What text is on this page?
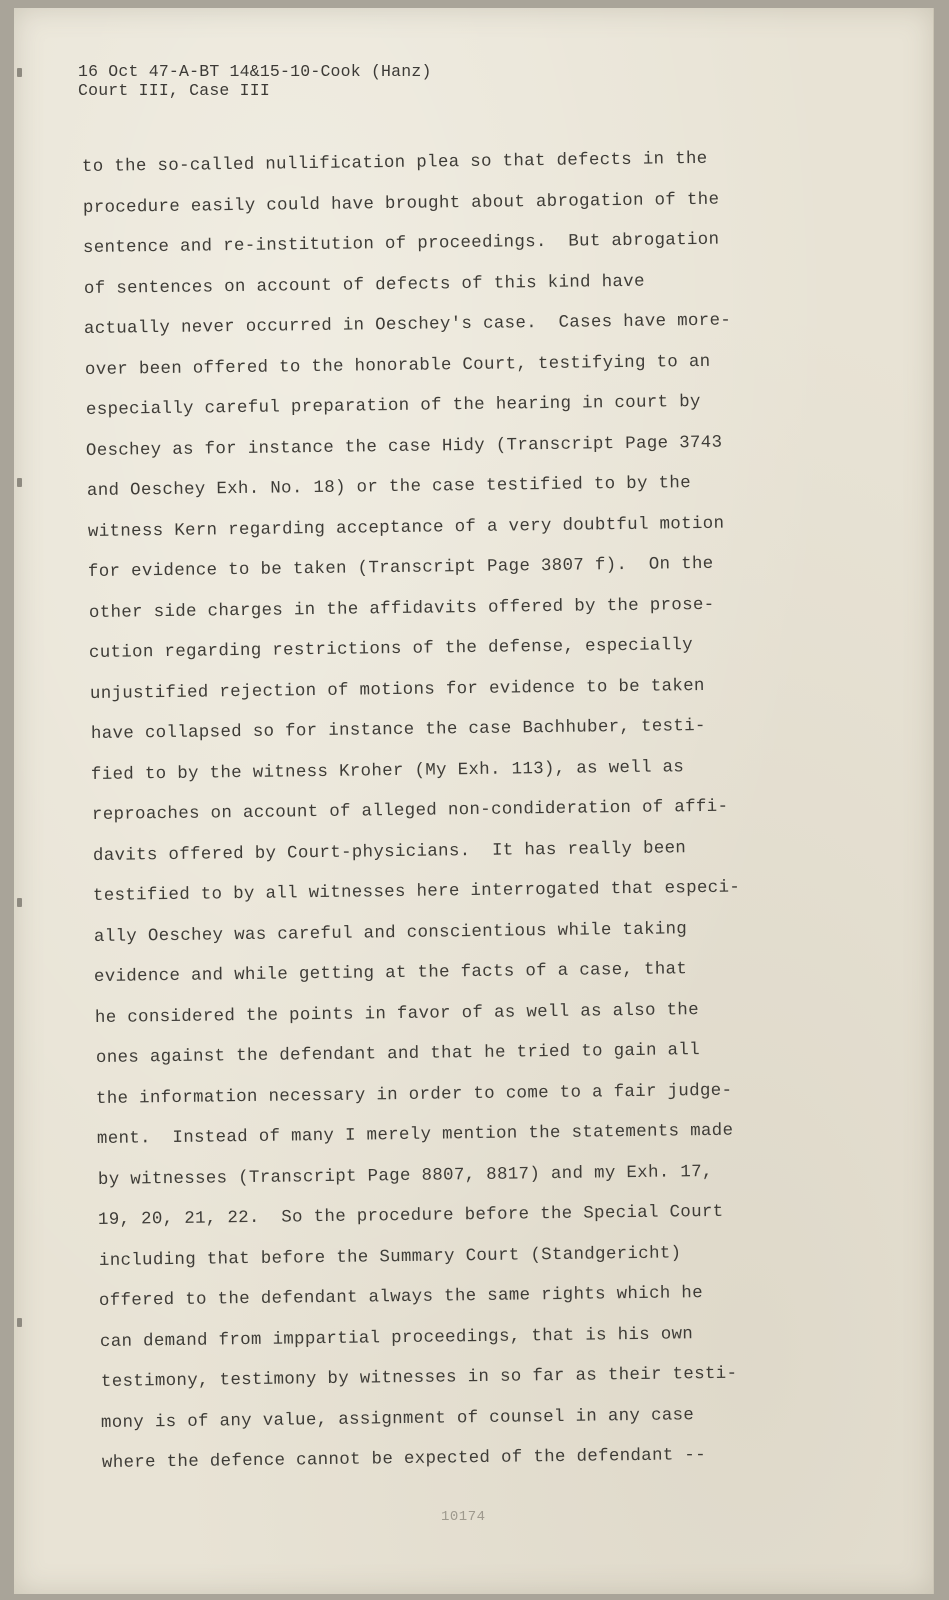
16 Oct 47-A-BT 14&15-10-Cook (Hanz)
Court III, Case III
to the so-called nullification plea so that defects in the
procedure easily could have brought about abrogation of the
sentence and re-institution of proceedings.  But abrogation
of sentences on account of defects of this kind have
actually never occurred in Oeschey's case.  Cases have more-
over been offered to the honorable Court, testifying to an
especially careful preparation of the hearing in court by
Oeschey as for instance the case Hidy (Transcript Page 3743
and Oeschey Exh. No. 18) or the case testified to by the
witness Kern regarding acceptance of a very doubtful motion
for evidence to be taken (Transcript Page 3807 f).  On the
other side charges in the affidavits offered by the prose-
cution regarding restrictions of the defense, especially
unjustified rejection of motions for evidence to be taken
have collapsed so for instance the case Bachhuber, testi-
fied to by the witness Kroher (My Exh. 113), as well as
reproaches on account of alleged non-condideration of affi-
davits offered by Court-physicians.  It has really been
testified to by all witnesses here interrogated that especi-
ally Oeschey was careful and conscientious while taking
evidence and while getting at the facts of a case, that
he considered the points in favor of as well as also the
ones against the defendant and that he tried to gain all
the information necessary in order to come to a fair judge-
ment.  Instead of many I merely mention the statements made
by witnesses (Transcript Page 8807, 8817) and my Exh. 17,
19, 20, 21, 22.  So the procedure before the Special Court
including that before the Summary Court (Standgericht)
offered to the defendant always the same rights which he
can demand from imppartial proceedings, that is his own
testimony, testimony by witnesses in so far as their testi-
mony is of any value, assignment of counsel in any case
where the defence cannot be expected of the defendant --
10174
